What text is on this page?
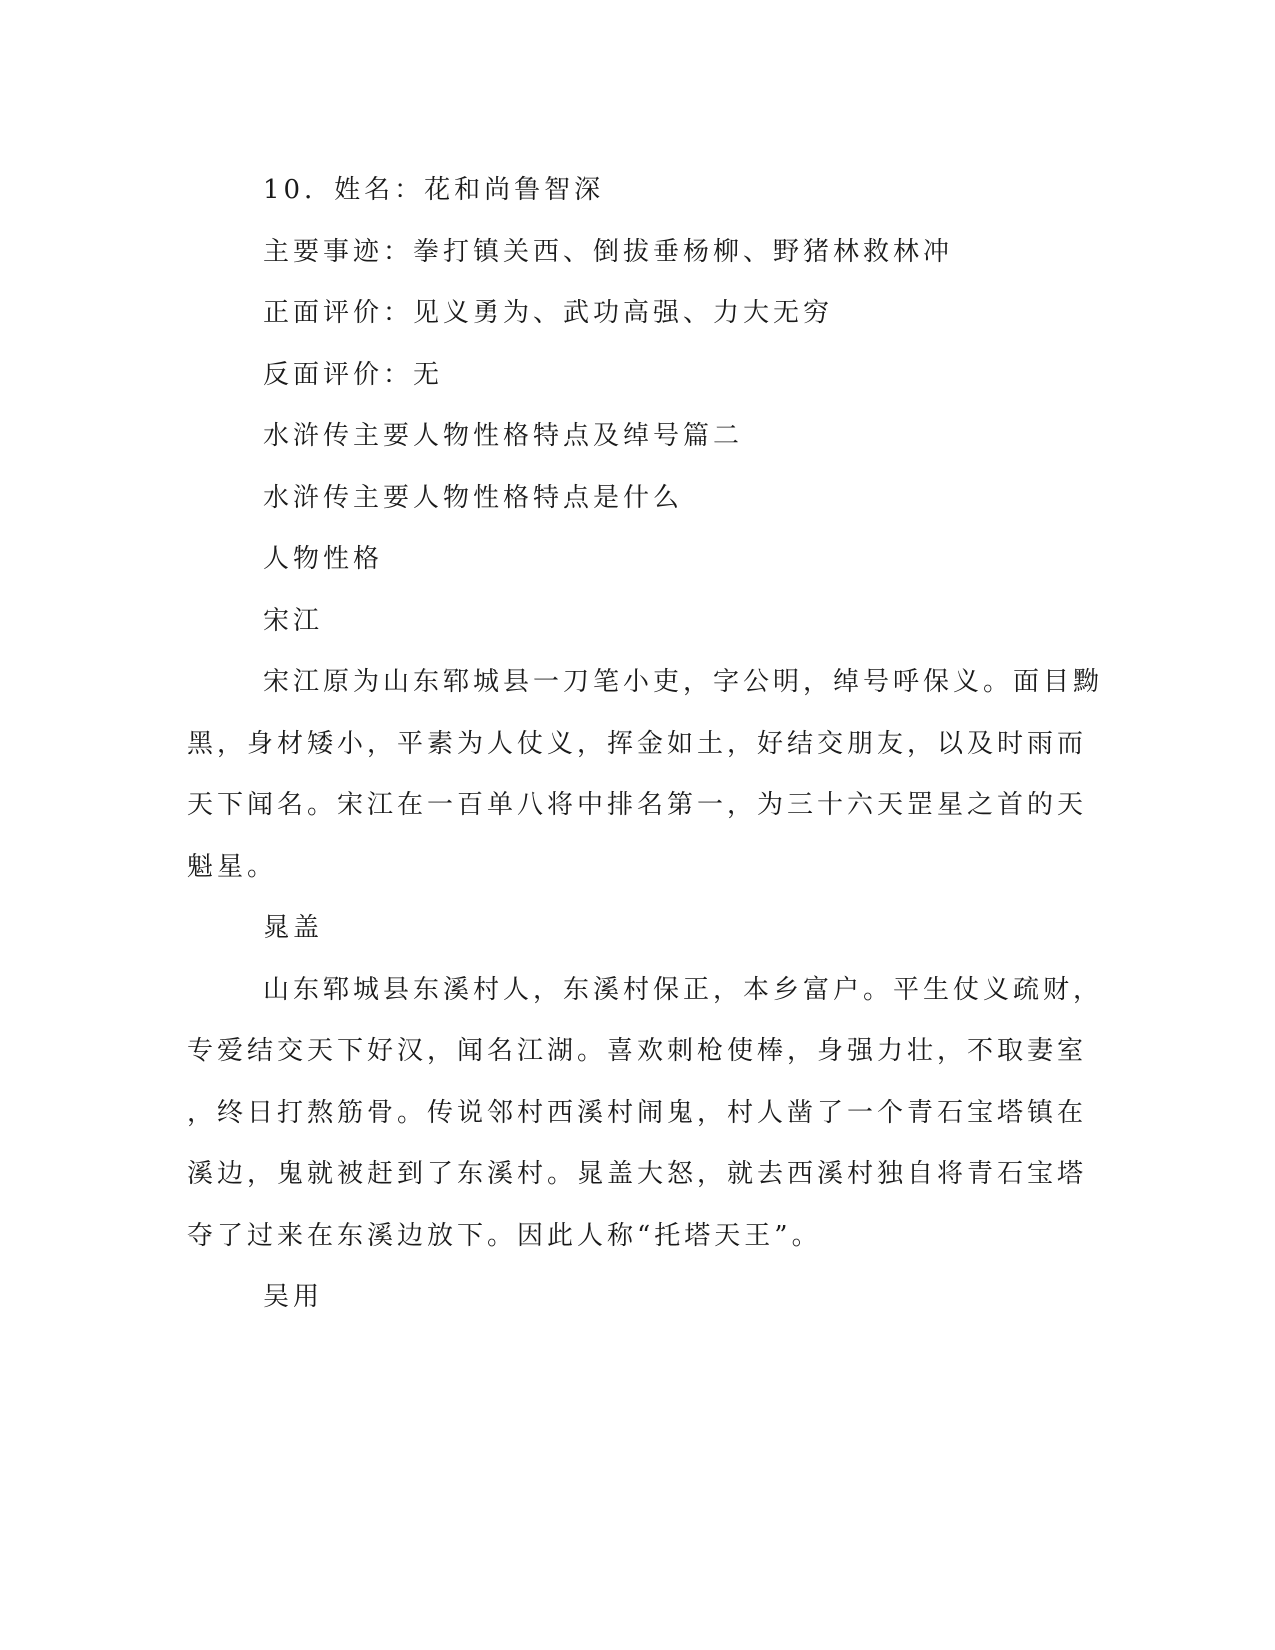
10．姓名：花和尚鲁智深

主要事迹：拳打镇关西、倒拔垂杨柳、野猪林救林冲

正面评价：见义勇为、武功高强、力大无穷

反面评价：无

水浒传主要人物性格特点及绰号篇二

水浒传主要人物性格特点是什么

人物性格

宋江

宋江原为山东郓城县一刀笔小吏，字公明，绰号呼保义。面目黝
黑，身材矮小，平素为人仗义，挥金如土，好结交朋友，以及时雨而
天下闻名。宋江在一百单八将中排名第一，为三十六天罡星之首的天
魁星。

晁盖

山东郓城县东溪村人，东溪村保正，本乡富户。平生仗义疏财，
专爱结交天下好汉，闻名江湖。喜欢刺枪使棒，身强力壮，不取妻室
，终日打熬筋骨。传说邻村西溪村闹鬼，村人凿了一个青石宝塔镇在
溪边，鬼就被赶到了东溪村。晁盖大怒，就去西溪村独自将青石宝塔
夺了过来在东溪边放下。因此人称“托塔天王”。

吴用
